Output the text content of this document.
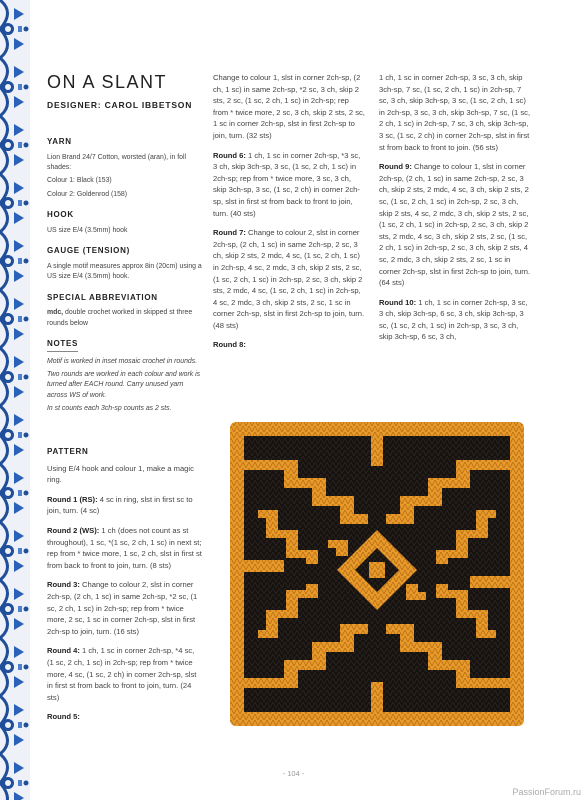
ON A SLANT
DESIGNER: CAROL IBBETSON
YARN
Lion Brand 24/7 Cotton, worsted (aran), in foll shades:
Colour 1: Black (153)
Colour 2: Goldenrod (158)
HOOK
US size E/4 (3.5mm) hook
GAUGE (TENSION)
A single motif measures approx 8in (20cm) using a US size E/4 (3.5mm) hook.
SPECIAL ABBREVIATION
mdc, double crochet worked in skipped st three rounds below
NOTES
Motif is worked in inset mosaic crochet in rounds.
Two rounds are worked in each colour and work is turned after EACH round. Carry unused yarn across WS of work.
In st counts each 3ch-sp counts as 2 sts.
PATTERN
Using E/4 hook and colour 1, make a magic ring.
Round 1 (RS): 4 sc in ring, slst in first sc to join, turn. (4 sc)
Round 2 (WS): 1 ch (does not count as st throughout), 1 sc, *(1 sc, 2 ch, 1 sc) in next st; rep from * twice more, 1 sc, 2 ch, slst in first st from back to front to join, turn. (8 sts)
Round 3: Change to colour 2, slst in corner 2ch-sp, (2 ch, 1 sc) in same 2ch-sp, *2 sc, (1 sc, 2 ch, 1 sc) in 2ch-sp; rep from * twice more, 2 sc, 1 sc in corner 2ch-sp, slst in first 2ch-sp to join, turn. (16 sts)
Round 4: 1 ch, 1 sc in corner 2ch-sp, *4 sc, (1 sc, 2 ch, 1 sc) in 2ch-sp; rep from * twice more, 4 sc, (1 sc, 2 ch) in corner 2ch-sp, slst in first st from back to front to join, turn. (24 sts)
Round 5:
Change to colour 1, slst in corner 2ch-sp, (2 ch, 1 sc) in same 2ch-sp, *2 sc, 3 ch, skip 2 sts, 2 sc, (1 sc, 2 ch, 1 sc) in 2ch-sp; rep from * twice more, 2 sc, 3 ch, skip 2 sts, 2 sc, 1 sc in corner 2ch-sp, slst in first 2ch-sp to join, turn. (32 sts)
Round 6: 1 ch, 1 sc in corner 2ch-sp, *3 sc, 3 ch, skip 3ch-sp, 3 sc, (1 sc, 2 ch, 1 sc) in 2ch-sp; rep from * twice more, 3 sc, 3 ch, skip 3ch-sp, 3 sc, (1 sc, 2 ch) in corner 2ch-sp, slst in first st from back to front to join, turn. (40 sts)
Round 7: Change to colour 2, slst in corner 2ch-sp, (2 ch, 1 sc) in same 2ch-sp, 2 sc, 3 ch, skip 2 sts, 2 mdc, 4 sc, (1 sc, 2 ch, 1 sc) in 2ch-sp, 4 sc, 2 mdc, 3 ch, skip 2 sts, 2 sc, (1 sc, 2 ch, 1 sc) in 2ch-sp, 2 sc, 3 ch, skip 2 sts, 2 mdc, 4 sc, (1 sc, 2 ch, 1 sc) in 2ch-sp, 4 sc, 2 mdc, 3 ch, skip 2 sts, 2 sc, 1 sc in corner 2ch-sp, slst in first 2ch-sp to join, turn. (48 sts)
Round 8:
1 ch, 1 sc in corner 2ch-sp, 3 sc, 3 ch, skip 3ch-sp, 7 sc, (1 sc, 2 ch, 1 sc) in 2ch-sp, 7 sc, 3 ch, skip 3ch-sp, 3 sc, (1 sc, 2 ch, 1 sc) in 2ch-sp, 3 sc, 3 ch, skip 3ch-sp, 7 sc, (1 sc, 2 ch, 1 sc) in 2ch-sp, 7 sc, 3 ch, skip 3ch-sp, 3 sc, (1 sc, 2 ch) in corner 2ch-sp, slst in first st from back to front to join. (56 sts)
Round 9: Change to colour 1, slst in corner 2ch-sp, (2 ch, 1 sc) in same 2ch-sp, 2 sc, 3 ch, skip 2 sts, 2 mdc, 4 sc, 3 ch, skip 2 sts, 2 sc, (1 sc, 2 ch, 1 sc) in 2ch-sp, 2 sc, 3 ch, skip 2 sts, 4 sc, 2 mdc, 3 ch, skip 2 sts, 2 sc, (1 sc, 2 ch, 1 sc) in 2ch-sp, 2 sc, 3 ch, skip 2 sts, 2 mdc, 4 sc, 3 ch, skip 2 sts, 2 sc, (1 sc, 2 ch, 1 sc) in 2ch-sp, 2 sc, 3 ch, skip 2 sts, 4 sc, 2 mdc, 3 ch, skip 2 sts, 2 sc, 1 sc in corner 2ch-sp, slst in first 2ch-sp to join, turn. (64 sts)
Round 10: 1 ch, 1 sc in corner 2ch-sp, 3 sc, 3 ch, skip 3ch-sp, 6 sc, 3 ch, skip 3ch-sp, 3 sc, (1 sc, 2 ch, 1 sc) in 2ch-sp, 3 sc, 3 ch, skip 3ch-sp, 6 sc, 3 ch,
- 104 -
PassionForum.ru
